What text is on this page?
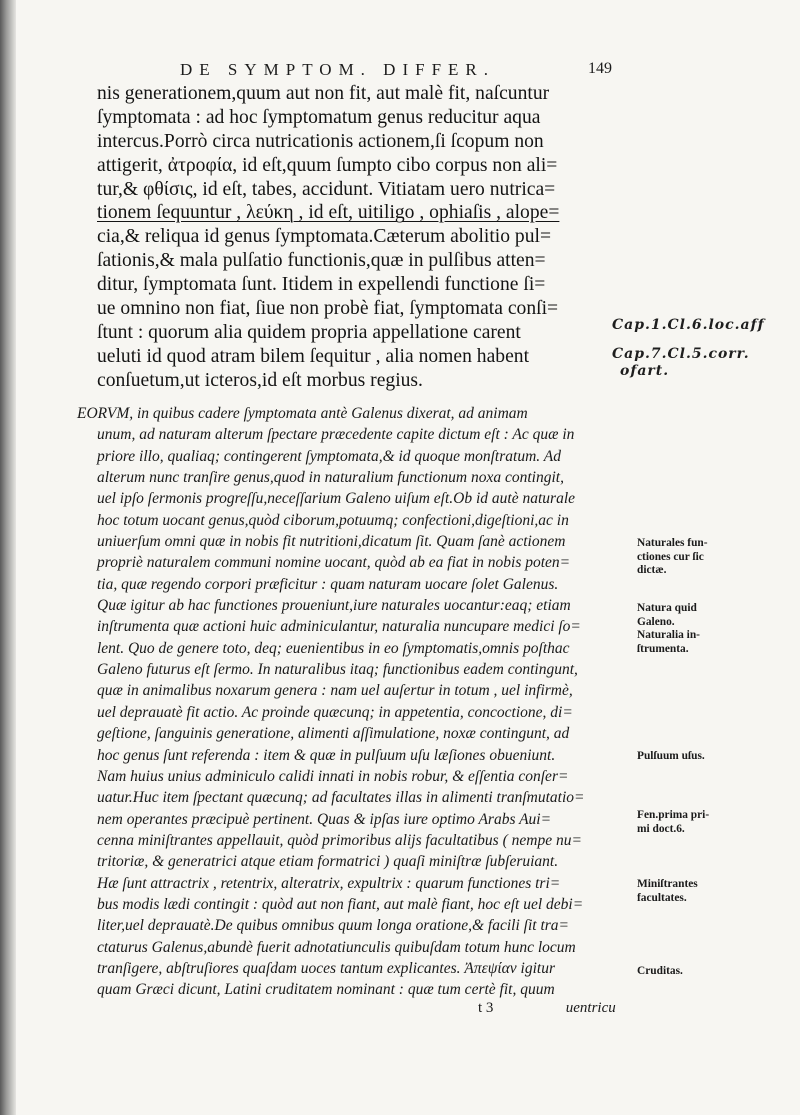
DE SYMPTOM. DIFFER.	149
nis generationem,quum aut non fit, aut malè fit, naſcuntur
ſymptomata : ad hoc ſymptomatum genus reducitur aqua
intercus.Porrò circa nutricationis actionem,ſi ſcopum non
attigerit, ἀτροφία, id eſt,quum ſumpto cibo corpus non ali=
tur,& φθίσις, id eſt, tabes, accidunt. Vitiatam uero nutrica=
tionem ſequuntur , λεύκη , id eſt, uitiligo , ophiaſis , alope=
cia,& reliqua id genus ſymptomata.Cæterum abolitio pul=
ſationis,& mala pulſatio functionis,quæ in pulſibus atten=
ditur, ſymptomata ſunt. Itidem in expellendi functione ſi=
ue omnino non fiat, ſiue non probè fiat, ſymptomata conſi=
ſtunt : quorum alia quidem propria appellatione carent
ueluti id quod atram bilem ſequitur , alia nomen habent
conſuetum,ut icteros,id eſt morbus regius.
EORVM, in quibus cadere ſymptomata antè Galenus dixerat, ad animam
unum, ad naturam alterum ſpectare præcedente capite dictum eſt : Ac quæ in
priore illo, qualiaq; contingerent ſymptomata,& id quoque monſtratum. Ad
alterum nunc tranſire genus,quod in naturalium functionum noxa contingit,
uel ipſo ſermonis progreſſu,neceſſarium Galeno uiſum eſt.Ob id autè naturale
hoc totum uocant genus,quòd ciborum,potuumq; confectioni,digeſtioni,ac in
uniuerſum omni quæ in nobis fit nutritioni,dicatum ſit. Quam ſanè actionem
propriè naturalem communi nomine uocant, quòd ab ea fiat in nobis poten=
tia, quæ regendo corpori præficitur : quam naturam uocare ſolet Galenus.
Quæ igitur ab hac functiones proueniunt,iure naturales uocantur:eaq; etiam
inſtrumenta quæ actioni huic adminiculantur, naturalia nuncupare medici ſo=
lent. Quo de genere toto, deq; euenientibus in eo ſymptomatis,omnis poſthac
Galeno futurus eſt ſermo. In naturalibus itaq; functionibus eadem contingunt,
quæ in animalibus noxarum genera : nam uel auſertur in totum , uel infirmè,
uel deprauatè fit actio. Ac proinde quæcunq; in appetentia, concoctione, di=
geſtione, ſanguinis generatione, alimenti aſſimulatione, noxæ contingunt, ad
hoc genus ſunt referenda : item & quæ in pulſuum uſu læſiones obueniunt.
Nam huius unius adminiculo calidi innati in nobis robur, & eſſentia conſer=
uatur.Huc item ſpectant quæcunq; ad facultates illas in alimenti tranſmutatio=
nem operantes præcipuè pertinent. Quas & ipſas iure optimo Arabs Aui=
cenna miniſtrantes appellauit, quòd primoribus alijs facultatibus ( nempe nu=
tritoriæ, & generatrici atque etiam formatrici ) quaſi miniſtræ ſubſeruiant.
Hæ ſunt attractrix , retentrix, alteratrix, expultrix : quarum functiones tri=
bus modis lædi contingit : quòd aut non fiant, aut malè fiant, hoc eſt uel debi=
liter,uel deprauatè.De quibus omnibus quum longa oratione,& facili ſit tra=
ctaturus Galenus,abundè fuerit adnotatiunculis quibuſdam totum hunc locum
tranſigere, abſtruſiores quaſdam uoces tantum explicantes. Ἀπεψίαν igitur
quam Græci dicunt, Latini cruditatem nominant : quæ tum certè fit, quum
t 3	uentricu
Naturales fun-
ctiones cur ſic
dictæ.
Natura quid
Galeno.
Naturalia in-
ſtrumenta.
Pulſuum uſus.
Fen.prima pri-
mi doct.6.
Miniſtrantes
facultates.
Cruditas.
Cap.1.Cl.6.loc.aff
Cap.7.Cl.5.corr.
ofart.
